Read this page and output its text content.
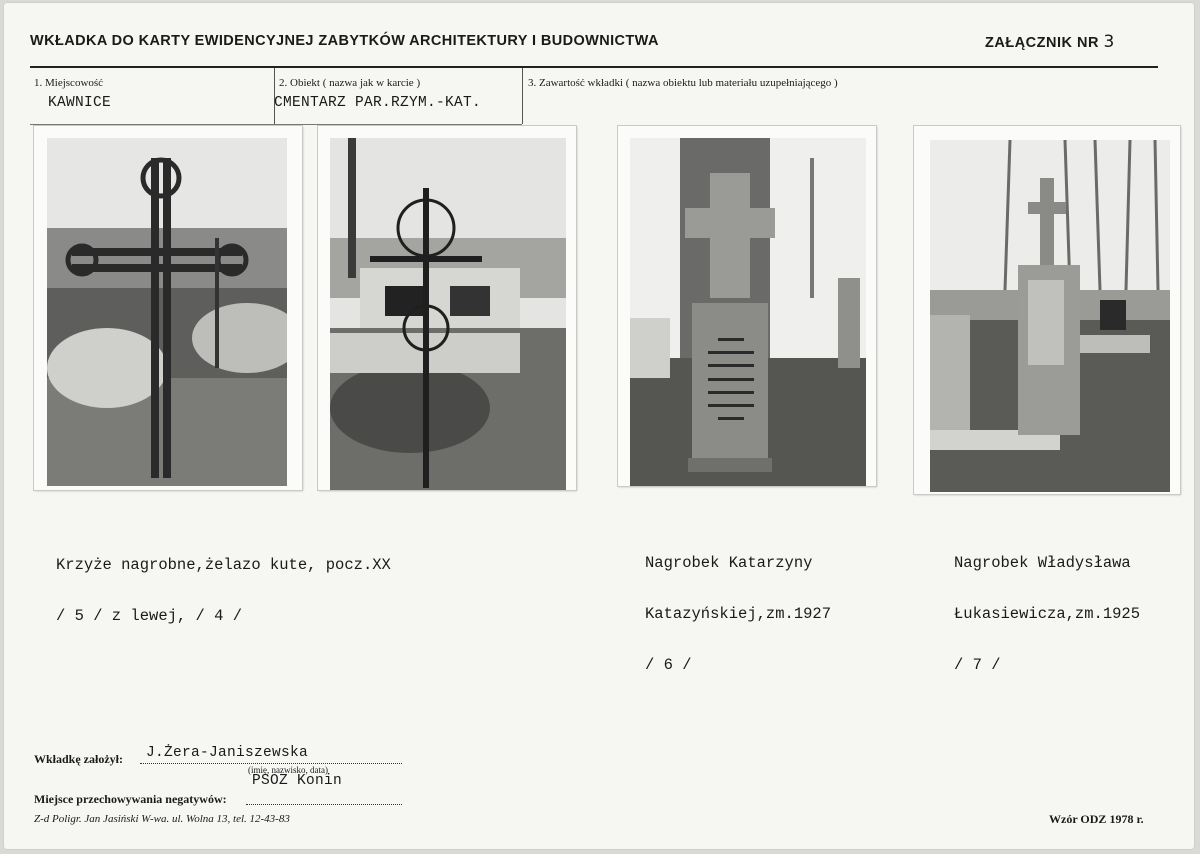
WKŁADKA DO KARTY EWIDENCYJNEJ ZABYTKÓW ARCHITEKTURY I BUDOWNICTWA	ZAŁĄCZNIK NR 3
1. Miejscowość
KAWNICE
2. Obiekt ( nazwa jak w karcie )
CMENTARZ PAR.RZYM.-KAT.
3. Zawartość wkładki ( nazwa obiektu lub materiału uzupełniającego )

Krzyże nagrobne,żelazo kute, pocz.XX

/ 5 / z lewej, / 4 /

Nagrobek Katarzyny

Katazyńskiej,zm.1927

/ 6 /

Nagrobek Władysława

Łukasiewicza,zm.1925

/ 7 /

Wkładkę założył: J.Żera-Janiszewska
(imię, nazwisko, data)
PSOZ Konin
Miejsce przechowywania negatywów:
Z-d Poligr. Jan Jasiński W-wa. ul. Wolna 13, tel. 12-43-83	Wzór ODZ 1978 r.
